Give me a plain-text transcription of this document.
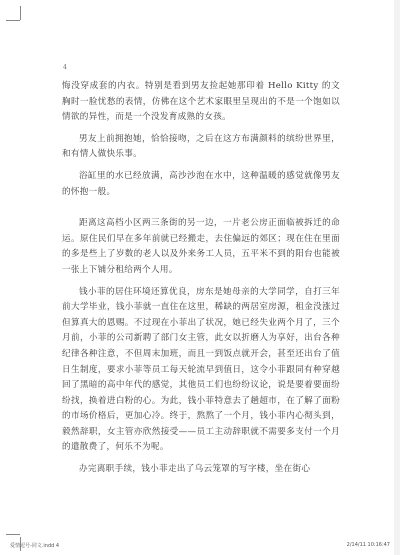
4

悔没穿成套的内衣。特别是看到男友捡起她那印着 Hello Kitty 的文胸时一脸忧愁的表情，仿佛在这个艺术家眼里呈现出的不是一个饱如以情欲的异性，而是一个没发育成熟的女孩。

男友上前拥抱她，恰恰接吻，之后在这方布满颜料的缤纷世界里，和有情人做快乐事。

浴缸里的水已经放满，高沙沙泡在水中，这种温暖的感觉就像男友的怀抱一般。

距离这高档小区两三条街的另一边，一片老公房正面临被拆迁的命运。原住民们早在多年前就已经搬走，去住偏远的郊区；现在住在里面的多是些上了岁数的老人以及外来务工人员，五平米不到的阳台也能被一张上下铺分租给两个人用。

钱小菲的居住环境还算优良，房东是她母亲的大学同学，自打三年前大学毕业，钱小菲就一直住在这里，稀缺的两居室房源，租金没涨过但算真大的恩赐。不过现在小菲出了状况，她已经失业两个月了，三个月前，小菲的公司新聘了部门女主管，此女以折磨人为享好，出台各种纪律各种注意，不但周末加班，而且一到饭点就开会，甚至还出台了值日生制度，要求小菲等员工每天轮流早到值日，这令小菲跟同有种穿越回了黑暗的高中年代的感觉，其他员工们也纷纷议论，说是要着要面纷纷找，换着进白粉的心。为此，钱小菲特意去了趟超市，在了解了面粉的市场价格后，更加心冷。终于，熬熬了一个月，钱小菲内心彻头到，毅然辞职，女主管亦欣然接受——员工主动辞职就不需要多支付一个月的遣散费了，何乐不为呢。

办完离职手续，钱小菲走出了乌云笼罩的写字楼，坐在街心

爱情逗号-同文.indd 4	2/14/11 10:16:47
